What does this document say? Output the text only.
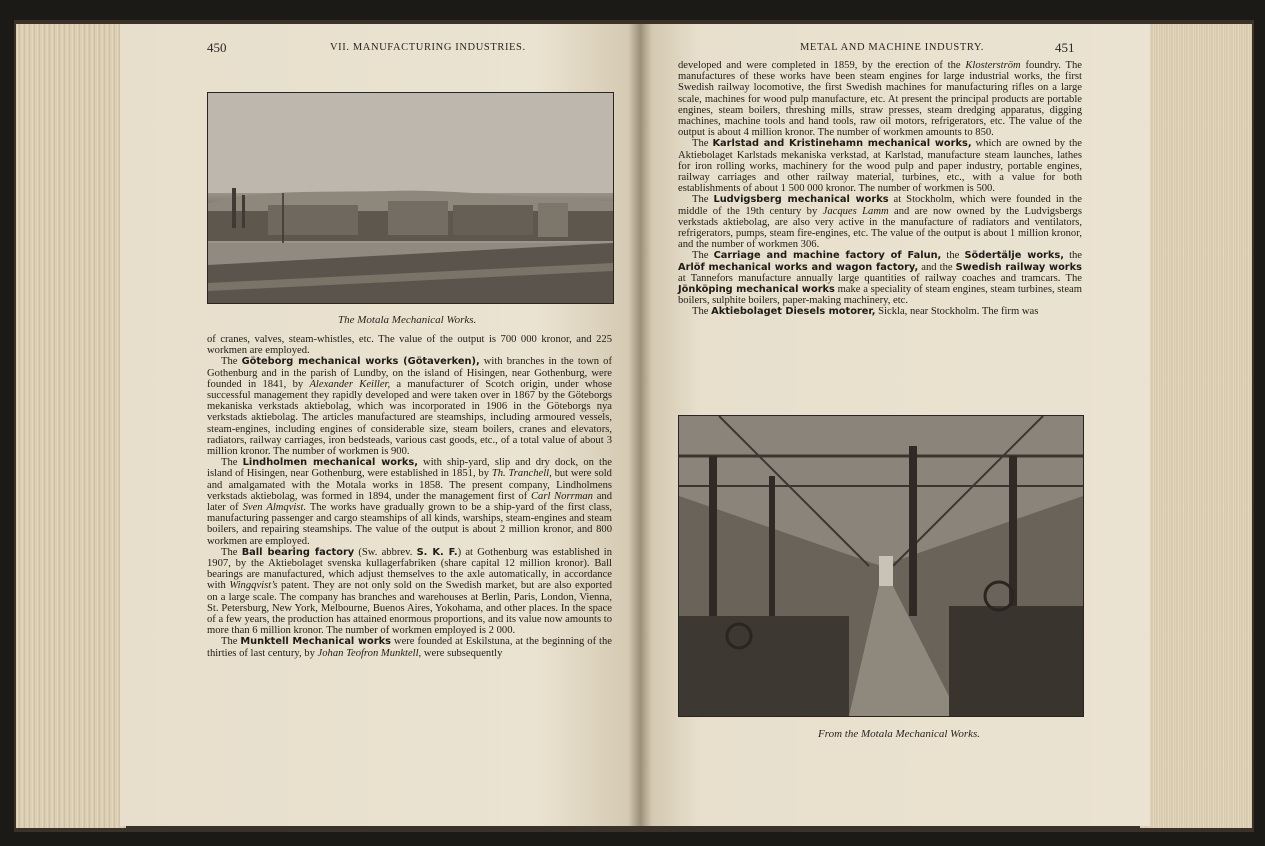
450	VII. MANUFACTURING INDUSTRIES.
The Motala Mechanical Works.

of cranes, valves, steam-whistles, etc. The value of the output is 700 000 kronor, and 225 workmen are employed.

The Göteborg mechanical works (Götaverken), with branches in the town of Gothenburg and in the parish of Lundby, on the island of Hisingen, near Gothenburg, were founded in 1841, by Alexander Keiller, a manufacturer of Scotch origin, under whose successful management they rapidly developed and were taken over in 1867 by the Göteborgs mekaniska verkstads aktiebolag, which was incorporated in 1906 in the Göteborgs nya verkstads aktiebolag. The articles manufactured are steamships, including armoured vessels, steam-engines, including engines of considerable size, steam boilers, cranes and elevators, radiators, railway carriages, iron bedsteads, various cast goods, etc., of a total value of about 3 million kronor. The number of workmen is 900.

The Lindholmen mechanical works, with ship-yard, slip and dry dock, on the island of Hisingen, near Gothenburg, were established in 1851, by Th. Tranchell, but were sold and amalgamated with the Motala works in 1858. The present company, Lindholmens verkstads aktiebolag, was formed in 1894, under the management first of Carl Norrman and later of Sven Almqvist. The works have gradually grown to be a ship-yard of the first class, manufacturing passenger and cargo steamships of all kinds, warships, steam-engines and steam boilers, and repairing steamships. The value of the output is about 2 million kronor, and 800 workmen are employed.

The Ball bearing factory (Sw. abbrev. S. K. F.) at Gothenburg was established in 1907, by the Aktiebolaget svenska kullagerfabriken (share capital 12 million kronor). Ball bearings are manufactured, which adjust themselves to the axle automatically, in accordance with Wingqvist’s patent. They are not only sold on the Swedish market, but are also exported on a large scale. The company has branches and warehouses at Berlin, Paris, London, Vienna, St. Petersburg, New York, Melbourne, Buenos Aires, Yokohama, and other places. In the space of a few years, the production has attained enormous proportions, and its value now amounts to more than 6 million kronor. The number of workmen employed is 2 000.

The Munktell Mechanical works were founded at Eskilstuna, at the beginning of the thirties of last century, by Johan Teofron Munktell, were subsequently

METAL AND MACHINE INDUSTRY.	451

developed and were completed in 1859, by the erection of the Klosterström foundry. The manufactures of these works have been steam engines for large industrial works, the first Swedish railway locomotive, the first Swedish machines for manufacturing rifles on a large scale, machines for wood pulp manufacture, etc. At present the principal products are portable engines, steam boilers, threshing mills, straw presses, steam dredging apparatus, digging machines, machine tools and hand tools, raw oil motors, refrigerators, etc. The value of the output is about 4 million kronor. The number of workmen amounts to 850.

The Karlstad and Kristinehamn mechanical works, which are owned by the Aktiebolaget Karlstads mekaniska verkstad, at Karlstad, manufacture steam launches, lathes for iron rolling works, machinery for the wood pulp and paper industry, portable engines, railway carriages and other railway material, turbines, etc., with a value for both establishments of about 1 500 000 kronor. The number of workmen is 500.

The Ludvigsberg mechanical works at Stockholm, which were founded in the middle of the 19th century by Jacques Lamm and are now owned by the Ludvigsbergs verkstads aktiebolag, are also very active in the manufacture of radiators and ventilators, refrigerators, pumps, steam fire-engines, etc. The value of the output is about 1 million kronor, and the number of workmen 306.

The Carriage and machine factory of Falun, the Södertälje works, the Arlöf mechanical works and wagon factory, and the Swedish railway works at Tannefors manufacture annually large quantities of railway coaches and tramcars. The Jönköping mechanical works make a speciality of steam engines, steam turbines, steam boilers, sulphite boilers, paper-making machinery, etc.

The Aktiebolaget Diesels motorer, Sickla, near Stockholm. The firm was

From the Motala Mechanical Works.
